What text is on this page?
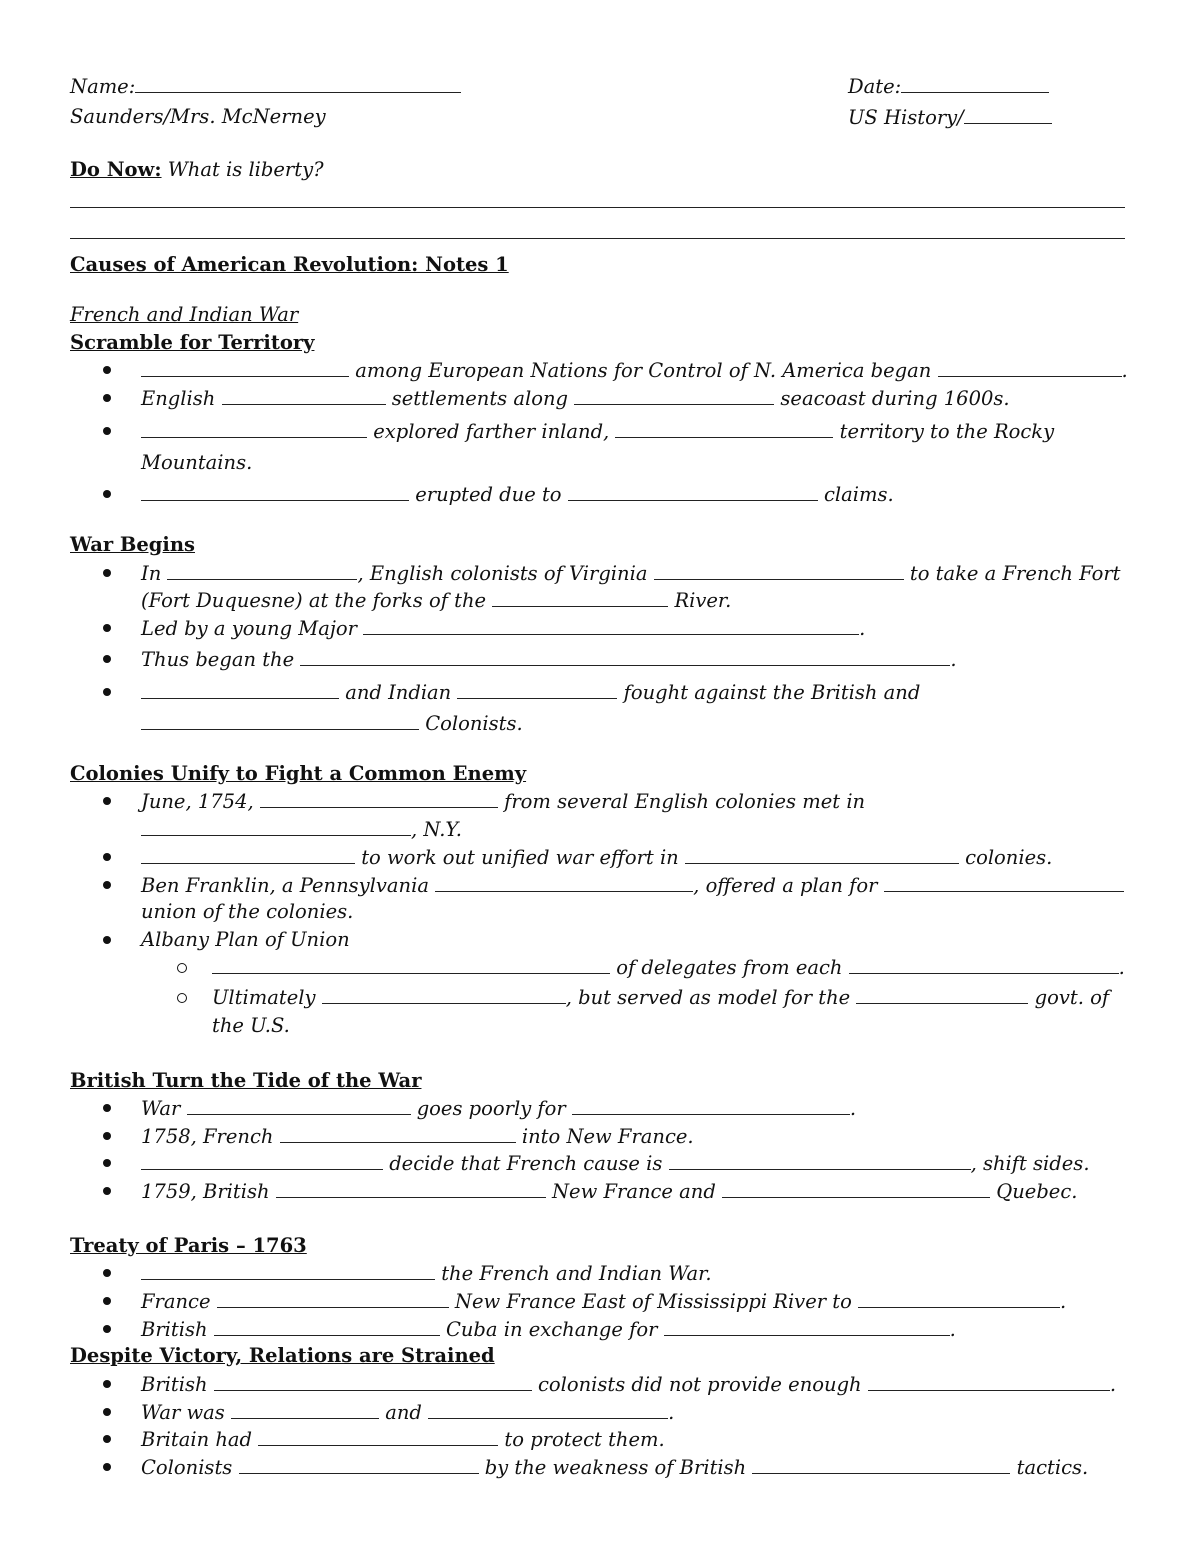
Name:	Date:
Saunders/Mrs. McNerney	US History/
Do Now: What is liberty?
Causes of American Revolution: Notes 1
French and Indian War
Scramble for Territory
among European Nations for Control of N. America began	.
English	settlements along	seacoast during 1600s.
explored farther inland,	territory to the Rocky
Mountains.
erupted due to	claims.
War Begins
In	, English colonists of Virginia	to take a French Fort
(Fort Duquesne) at the forks of the	River.
Led by a young Major	.
Thus began the	.
and Indian	fought against the British and
Colonists.
Colonies Unify to Fight a Common Enemy
June, 1754,	from several English colonies met in
, N.Y.
to work out unified war effort in	colonies.
Ben Franklin, a Pennsylvania	, offered a plan for
union of the colonies.
Albany Plan of Union
of delegates from each	.
Ultimately	, but served as model for the	govt. of
the U.S.
British Turn the Tide of the War
War	goes poorly for	.
1758, French	into New France.
decide that French cause is	, shift sides.
1759, British	New France and	Quebec.
Treaty of Paris – 1763
the French and Indian War.
France	New France East of Mississippi River to	.
British	Cuba in exchange for	.
Despite Victory, Relations are Strained
British	colonists did not provide enough	.
War was	and	.
Britain had	to protect them.
Colonists	by the weakness of British	tactics.
